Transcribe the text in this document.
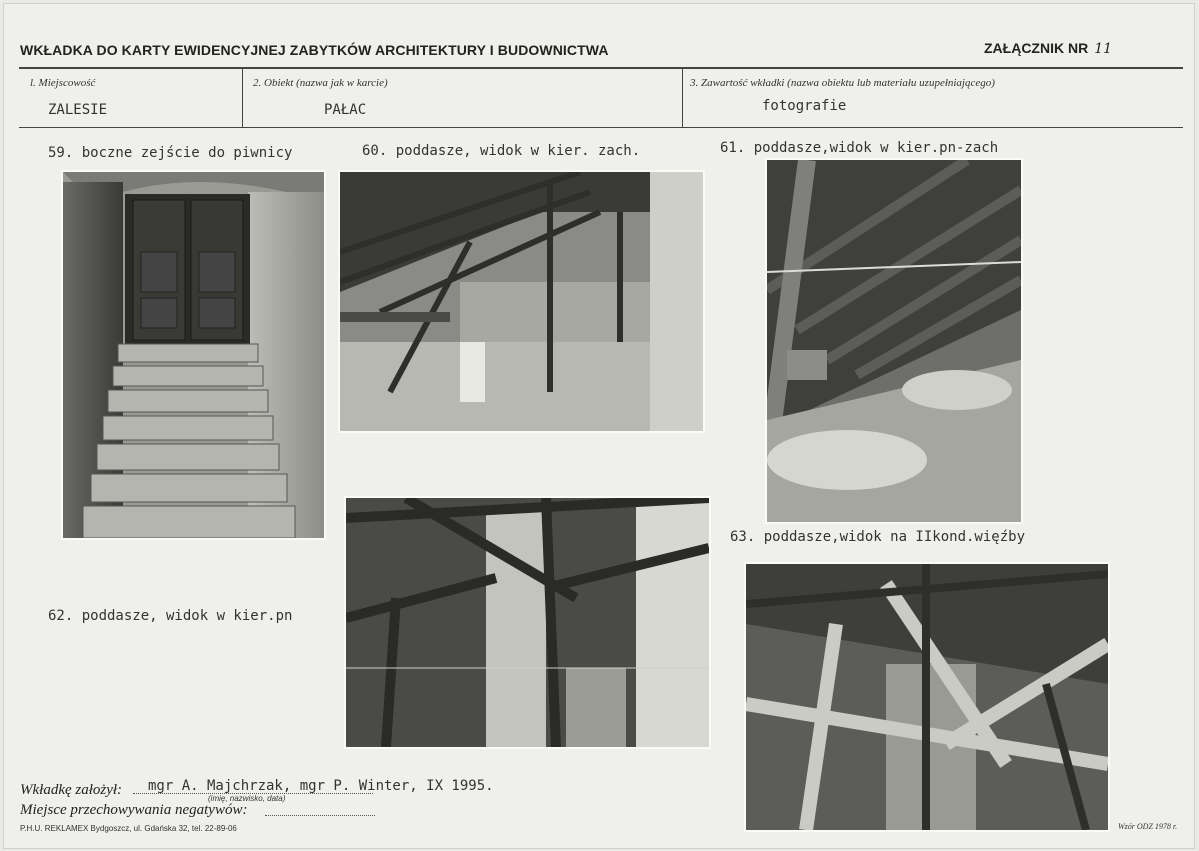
WKŁADKA DO KARTY EWIDENCYJNEJ ZABYTKÓW ARCHITEKTURY I BUDOWNICTWA	ZAŁĄCZNIK NR 11
l. Miejscowość
ZALESIE
2. Obiekt (nazwa jak w karcie)
PAŁAC
3. Zawartość wkładki (nazwa obiektu lub materiału uzupełniającego)
fotografie
59. boczne zejście do piwnicy	60. poddasze, widok w kier. zach.	61. poddasze,widok w kier.pn-zach
62. poddasze, widok w kier.pn
63. poddasze,widok na IIkond.więźby
Wkładkę założył: mgr A. Majchrzak, mgr P. Winter, IX 1995.
(imię, nazwisko, data)
Miejsce przechowywania negatywów:
P.H.U. REKLAMEX Bydgoszcz, ul. Gdańska 32, tel. 22-89-06	Wzór ODZ 1978 r.
